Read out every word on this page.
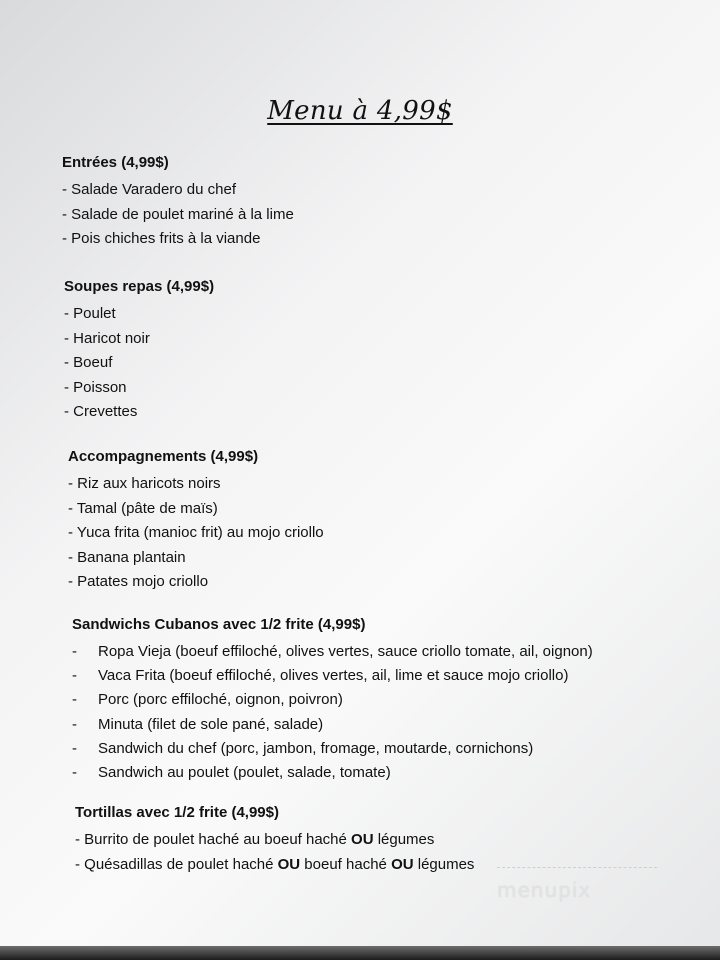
Menu à 4,99$
Entrées (4,99$)
- Salade Varadero du chef
- Salade de poulet mariné à la lime
- Pois chiches frits à la viande
Soupes repas (4,99$)
- Poulet
- Haricot noir
- Boeuf
- Poisson
- Crevettes
Accompagnements (4,99$)
- Riz aux haricots noirs
- Tamal (pâte de maïs)
- Yuca frita (manioc frit) au mojo criollo
- Banana plantain
- Patates mojo criollo
Sandwichs Cubanos avec 1/2 frite (4,99$)
- Ropa Vieja (boeuf effiloché, olives vertes, sauce criollo tomate, ail, oignon)
- Vaca Frita (boeuf effiloché, olives vertes, ail, lime et sauce mojo criollo)
- Porc (porc effiloché, oignon, poivron)
- Minuta (filet de sole pané, salade)
- Sandwich du chef (porc, jambon, fromage, moutarde, cornichons)
- Sandwich au poulet (poulet, salade, tomate)
Tortillas avec 1/2 frite (4,99$)
- Burrito de poulet haché au boeuf haché OU légumes
- Quésadillas de poulet haché OU boeuf haché OU légumes
menupix
